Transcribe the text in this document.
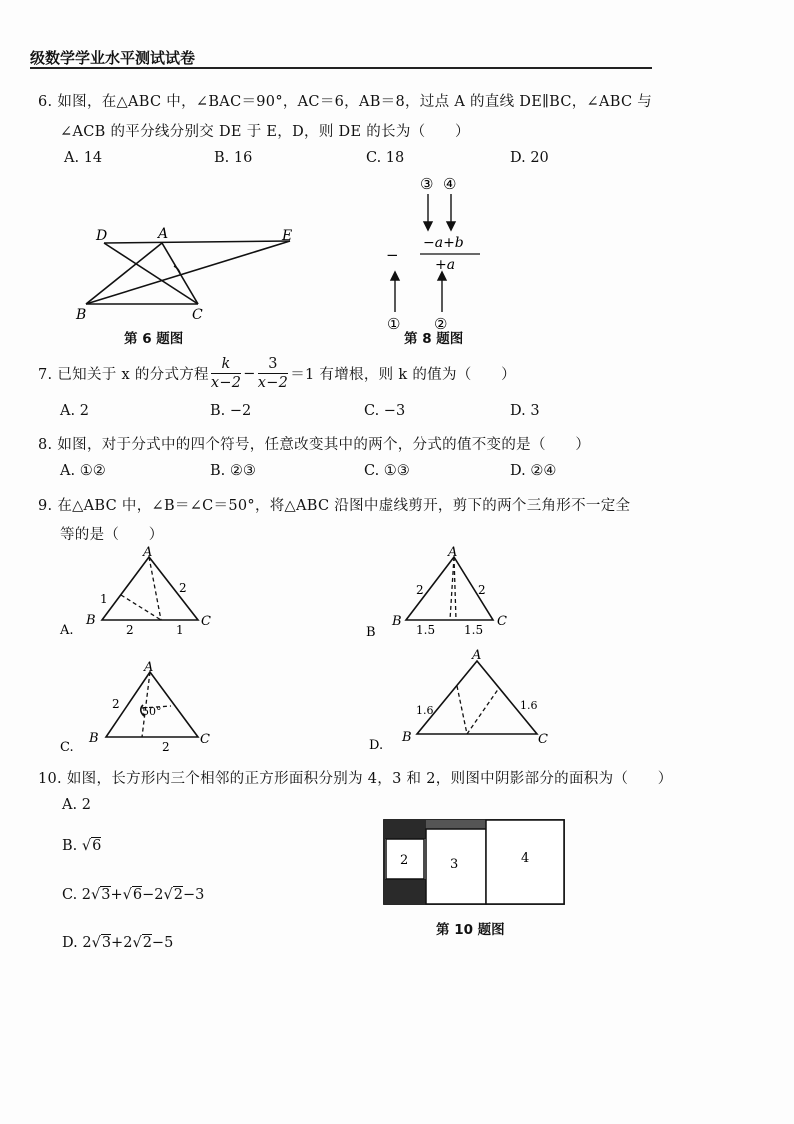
级数学学业水平测试试卷
6. 如图，在△ABC 中，∠BAC＝90°，AC＝6，AB＝8，过点 A 的直线 DE∥BC，∠ABC 与
∠ACB 的平分线分别交 DE 于 E，D，则 DE 的长为（　　）
A. 14	B. 16	C. 18	D. 20
D	A	E
B	C
第 6 题图
③ ④
−
−a+b
+a
① ②
第 8 题图
7. 已知关于 x 的分式方程 $\frac{k}{x-2} - \frac{3}{x-2} =1$ 有增根，则 k 的值为（　　）
A. 2	B. −2	C. −3	D. 3
8. 如图，对于分式中的四个符号，任意改变其中的两个，分式的值不变的是（　　）
A. ①②	B. ②③	C. ①③	D. ②④
9. 在△ABC 中，∠B＝∠C＝50°，将△ABC 沿图中虚线剪开，剪下的两个三角形不一定全
等的是（　　）
A
B	C
1
2
2	1
A.
A
B	C
2	2
1.5 1.5
B
A
B	C
2
50°
2
C.
A
B	C
1.6	1.6
D.
10. 如图，长方形内三个相邻的正方形面积分别为 4，3 和 2，则图中阴影部分的面积为（　　）
A. 2
B. √6
C. 2√3+√6−2√2−3
D. 2√3+2√2−5
2	3	4
第 10 题图
